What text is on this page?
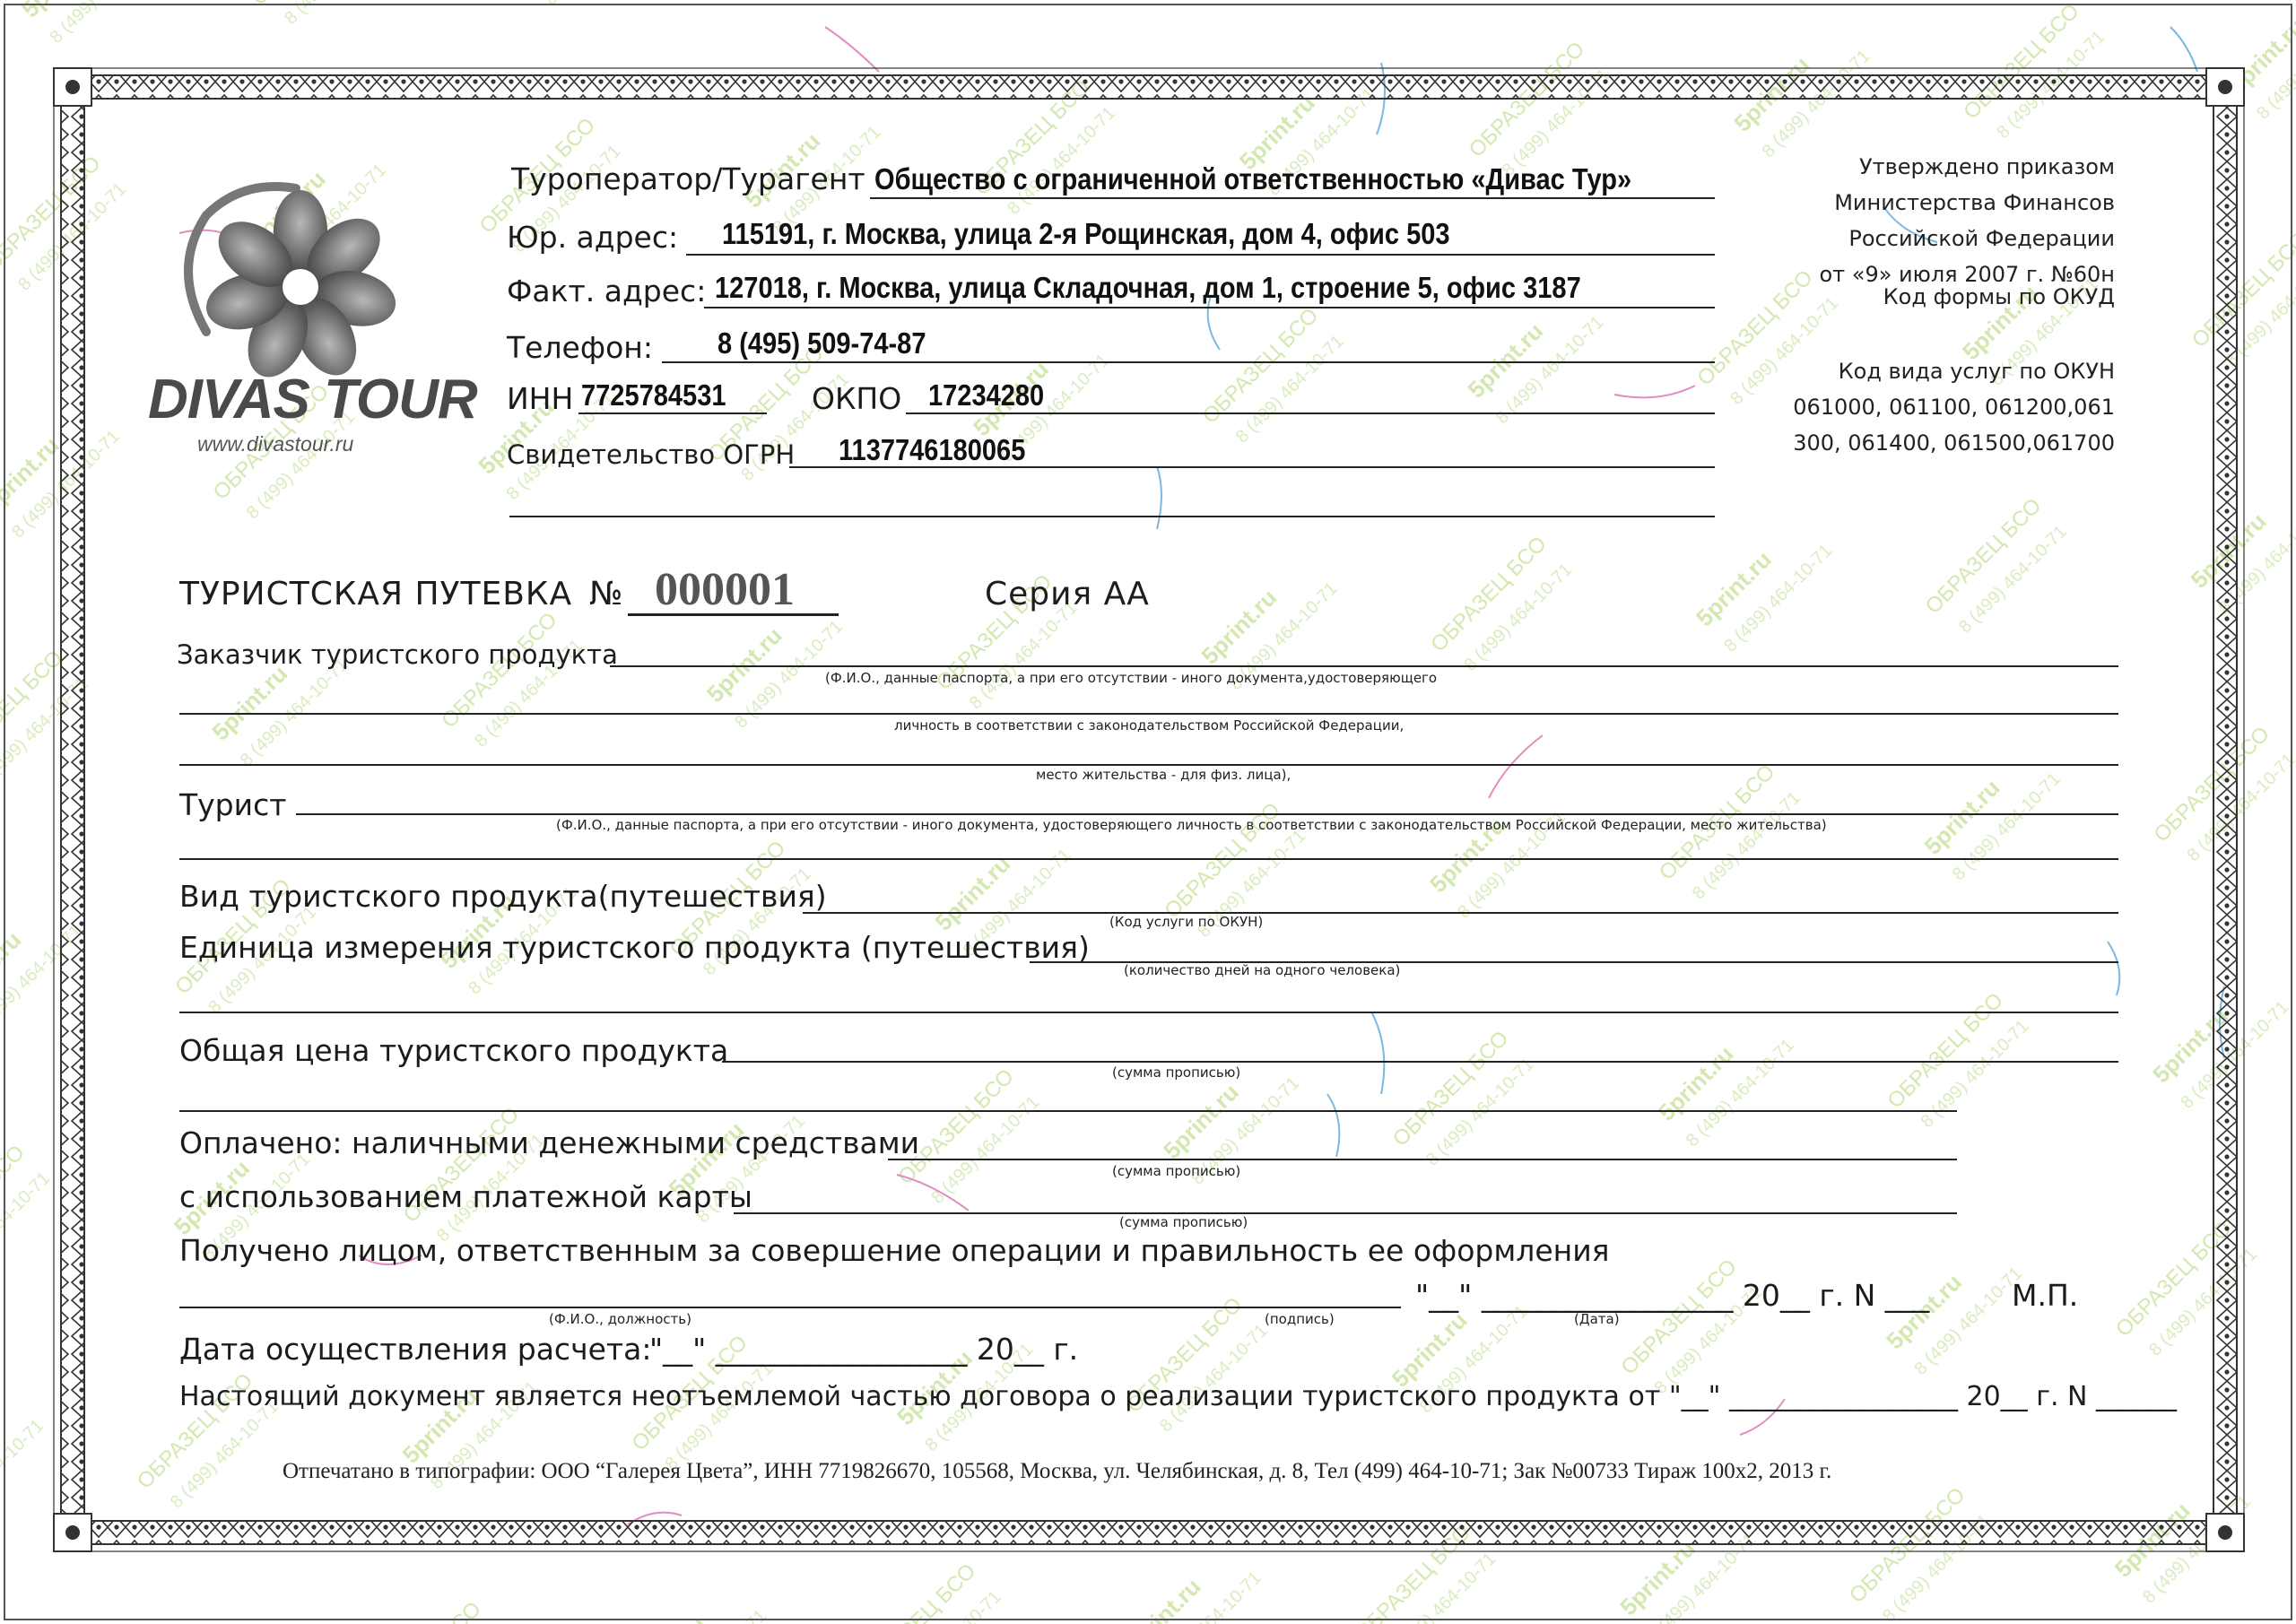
DIVAS TOUR
www.divastour.ru
Туроператор/Турагент Общество с ограниченной ответственностью «Дивас Тур»
Юр. адрес: 115191, г. Москва, улица 2-я Рощинская, дом 4, офис 503
Факт. адрес: 127018, г. Москва, улица Складочная, дом 1, строение 5, офис 3187
Телефон: 8 (495) 509-74-87
ИНН 7725784531	ОКПО 17234280
Свидетельство ОГРН 1137746180065
Утверждено приказом
Министерства Финансов
Российской Федерации
от «9» июля 2007 г. №60н
Код формы по ОКУД
Код вида услуг по ОКУН
061000, 061100, 061200,061
300, 061400, 061500,061700
ТУРИСТСКАЯ ПУТЕВКА № 000001	Серия АА
Заказчик туристского продукта
(Ф.И.О., данные паспорта, а при его отсутствии - иного документа,удостоверяющего
личность в соответствии с законодательством Российской Федерации,
место жительства - для физ. лица),
Турист
(Ф.И.О., данные паспорта, а при его отсутствии - иного документа, удостоверяющего личность в соответствии с законодательством Российской Федерации, место жительства)
Вид туристского продукта(путешествия)
(Код услуги по ОКУН)
Единица измерения туристского продукта (путешествия)
(количество дней на одного человека)
Общая цена туристского продукта
(сумма прописью)
Оплачено: наличными денежными средствами
(сумма прописью)
с использованием платежной карты
(сумма прописью)
Получено лицом, ответственным за совершение операции и правильность ее оформления
(Ф.И.О., должность)	(подпись)
"__" _________________ 20__ г. N ___
(Дата)
М.П.
Дата осуществления расчета:
"__" _________________ 20__ г.
Настоящий документ является неотъемлемой частью договора о реализации туристского продукта от "__" _________________ 20__ г. N ______
Отпечатано в типографии: ООО “Галерея Цвета”, ИНН 7719826670, 105568, Москва, ул. Челябинская, д. 8, Тел (499) 464-10-71; Зак №00733 Тираж 100х2, 2013 г.
